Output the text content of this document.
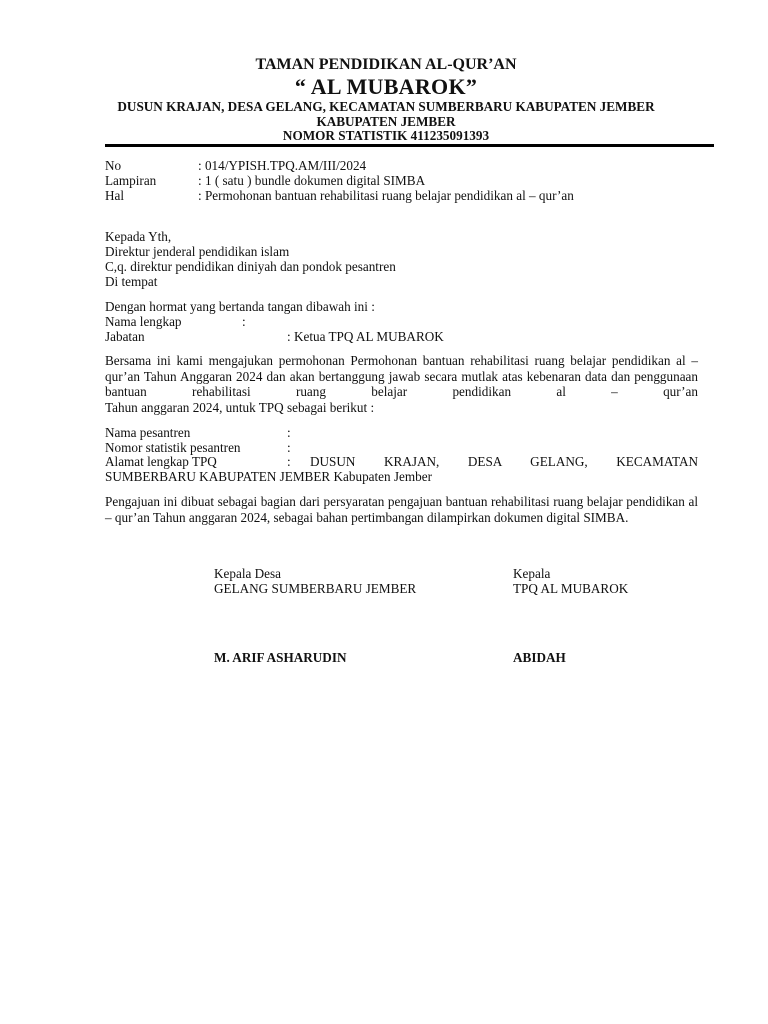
TAMAN PENDIDIKAN AL-QUR’AN
“ AL MUBAROK”
DUSUN KRAJAN, DESA GELANG, KECAMATAN SUMBERBARU KABUPATEN JEMBER
KABUPATEN JEMBER
NOMOR STATISTIK 411235091393
No	: 014/YPISH.TPQ.AM/III/2024
Lampiran	: 1 ( satu ) bundle dokumen digital SIMBA
Hal	: Permohonan bantuan rehabilitasi ruang belajar pendidikan al – qur’an
Kepada Yth,
Direktur jenderal pendidikan islam
C,q. direktur pendidikan diniyah dan pondok pesantren
Di tempat
Dengan hormat yang bertanda tangan dibawah ini :
Nama lengkap	:
Jabatan	: Ketua TPQ AL MUBAROK
Bersama ini kami mengajukan permohonan Permohonan bantuan rehabilitasi ruang belajar pendidikan al – qur’an Tahun Anggaran 2024 dan akan bertanggung jawab secara mutlak atas kebenaran data dan penggunaan bantuan rehabilitasi ruang belajar pendidikan al – qur’an
Tahun anggaran 2024, untuk TPQ sebagai berikut :
Nama pesantren	:
Nomor statistik pesantren	:
Alamat lengkap TPQ	: DUSUN KRAJAN, DESA GELANG, KECAMATAN
SUMBERBARU KABUPATEN JEMBER Kabupaten Jember
Pengajuan ini dibuat sebagai bagian dari persyaratan pengajuan bantuan rehabilitasi ruang belajar pendidikan al – qur’an Tahun anggaran 2024, sebagai bahan pertimbangan dilampirkan dokumen digital SIMBA.
Kepala Desa
GELANG SUMBERBARU JEMBER
M. ARIF ASHARUDIN
Kepala
TPQ AL MUBAROK
ABIDAH
